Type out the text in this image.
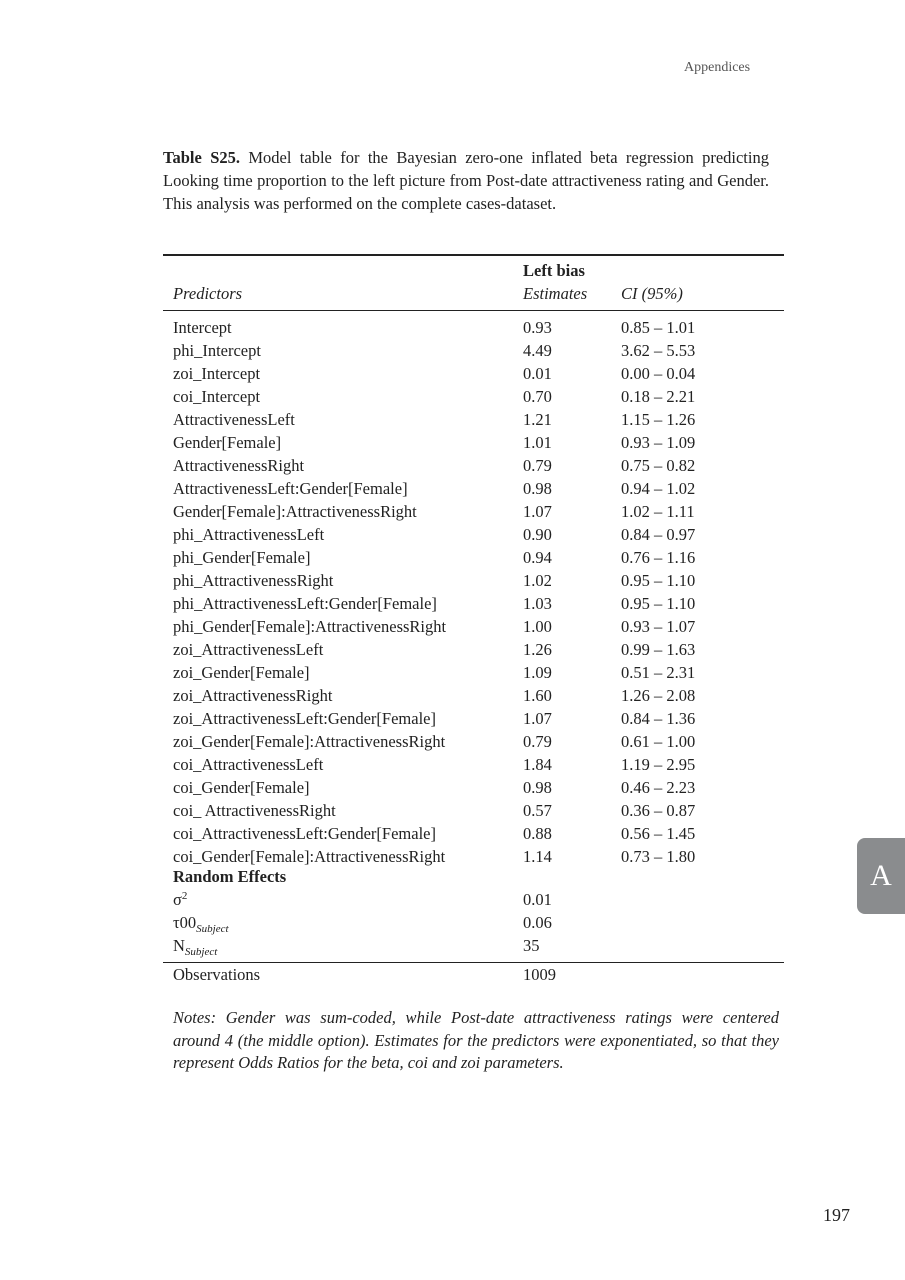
Appendices
Table S25. Model table for the Bayesian zero-one inflated beta regression predicting Looking time proportion to the left picture from Post-date attractiveness rating and Gender. This analysis was performed on the complete cases-dataset.
Left bias
Predictors	Estimates CI (95%)
Intercept	0.93	0.85 – 1.01
phi_Intercept	4.49	3.62 – 5.53
zoi_Intercept	0.01	0.00 – 0.04
coi_Intercept	0.70	0.18 – 2.21
AttractivenessLeft	1.21	1.15 – 1.26
Gender[Female]	1.01	0.93 – 1.09
AttractivenessRight	0.79	0.75 – 0.82
AttractivenessLeft:Gender[Female]	0.98	0.94 – 1.02
Gender[Female]:AttractivenessRight	1.07	1.02 – 1.11
phi_AttractivenessLeft	0.90	0.84 – 0.97
phi_Gender[Female]	0.94	0.76 – 1.16
phi_AttractivenessRight	1.02	0.95 – 1.10
phi_AttractivenessLeft:Gender[Female]	1.03	0.95 – 1.10
phi_Gender[Female]:AttractivenessRight	1.00	0.93 – 1.07
zoi_AttractivenessLeft	1.26	0.99 – 1.63
zoi_Gender[Female]	1.09	0.51 – 2.31
zoi_AttractivenessRight	1.60	1.26 – 2.08
zoi_AttractivenessLeft:Gender[Female]	1.07	0.84 – 1.36
zoi_Gender[Female]:AttractivenessRight	0.79	0.61 – 1.00
coi_AttractivenessLeft	1.84	1.19 – 2.95
coi_Gender[Female]	0.98	0.46 – 2.23
coi_ AttractivenessRight	0.57	0.36 – 0.87
coi_AttractivenessLeft:Gender[Female]	0.88	0.56 – 1.45
coi_Gender[Female]:AttractivenessRight	1.14	0.73 – 1.80
Random Effects
$\sigma^2$	0.01
$\tau 00_{Subject}$	0.06
$N_{Subject}$	35
Observations	1009
Notes: Gender was sum-coded, while Post-date attractiveness ratings were centered around 4 (the middle option). Estimates for the predictors were exponentiated, so that they represent Odds Ratios for the beta, coi and zoi parameters.
A
197
